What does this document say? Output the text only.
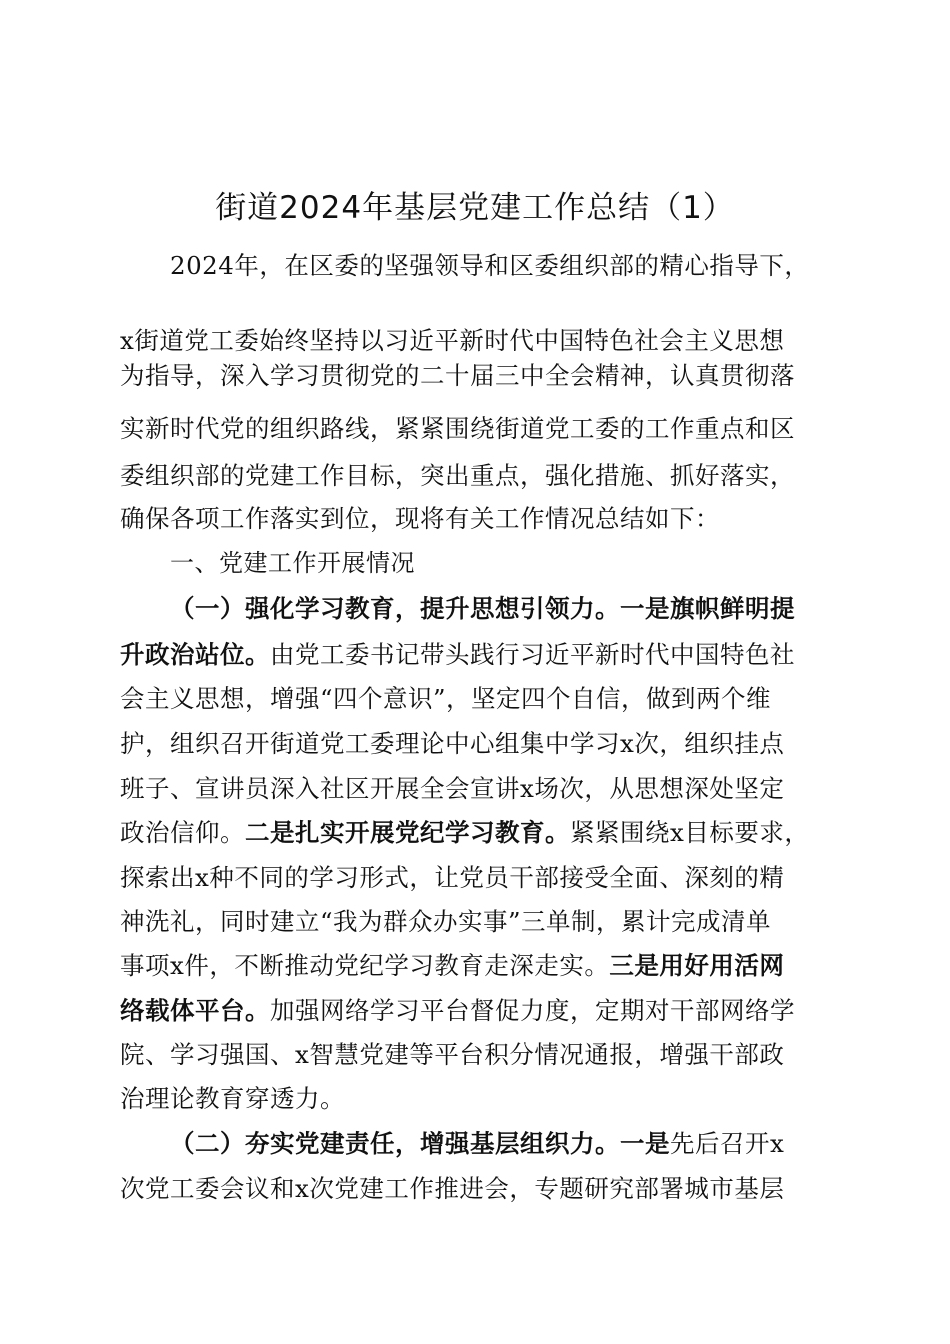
街道2024年基层党建工作总结（1）
2024年，在区委的坚强领导和区委组织部的精心指导下，
x街道党工委始终坚持以习近平新时代中国特色社会主义思想
为指导，深入学习贯彻党的二十届三中全会精神，认真贯彻落
实新时代党的组织路线，紧紧围绕街道党工委的工作重点和区
委组织部的党建工作目标，突出重点，强化措施、抓好落实，
确保各项工作落实到位，现将有关工作情况总结如下：
一、党建工作开展情况
（一）强化学习教育，提升思想引领力。一是旗帜鲜明提
升政治站位。由党工委书记带头践行习近平新时代中国特色社
会主义思想，增强“四个意识”，坚定四个自信，做到两个维
护，组织召开街道党工委理论中心组集中学习x次，组织挂点
班子、宣讲员深入社区开展全会宣讲x场次，从思想深处坚定
政治信仰。二是扎实开展党纪学习教育。紧紧围绕x目标要求，
探索出x种不同的学习形式，让党员干部接受全面、深刻的精
神洗礼，同时建立“我为群众办实事”三单制，累计完成清单
事项x件，不断推动党纪学习教育走深走实。三是用好用活网
络载体平台。加强网络学习平台督促力度，定期对干部网络学
院、学习强国、x智慧党建等平台积分情况通报，增强干部政
治理论教育穿透力。
（二）夯实党建责任，增强基层组织力。一是先后召开x
次党工委会议和x次党建工作推进会，专题研究部署城市基层
